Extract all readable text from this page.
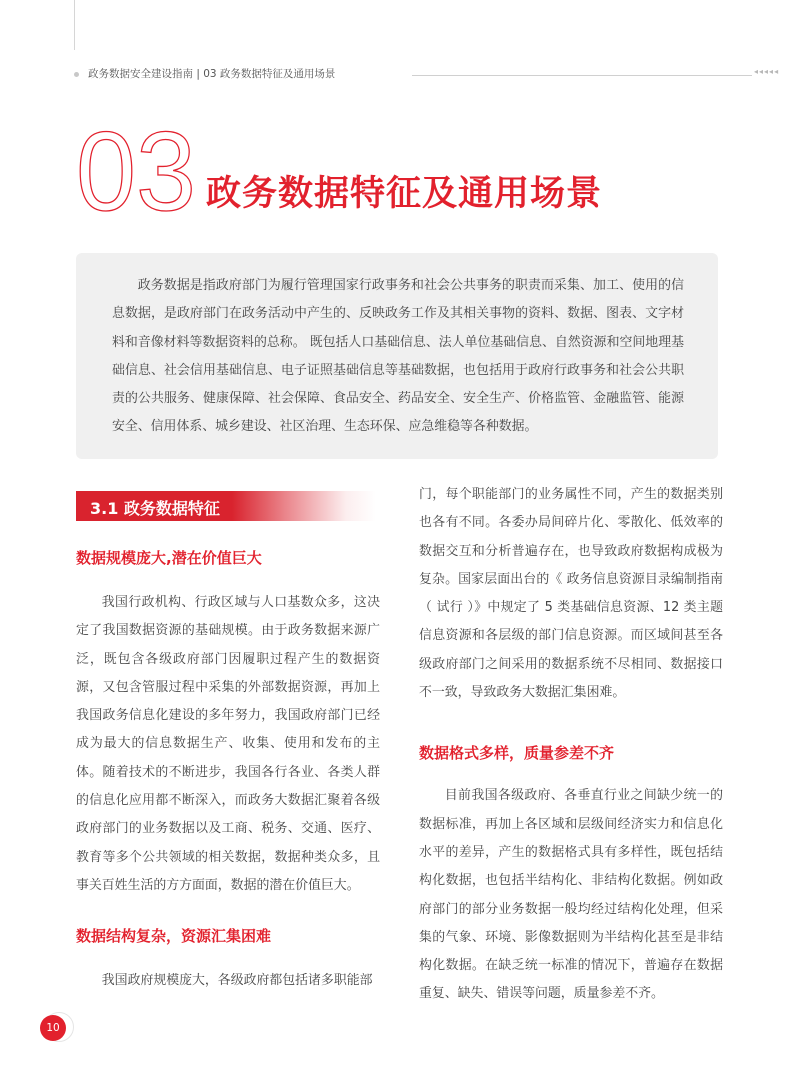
政务数据安全建设指南 | 03 政务数据特征及通用场景	◂◂◂◂◂
03 政务数据特征及通用场景

政务数据是指政府部门为履行管理国家行政事务和社会公共事务的职责而采集、加工、使用的信息数据，是政府部门在政务活动中产生的、反映政务工作及其相关事物的资料、数据、图表、文字材料和音像材料等数据资料的总称。 既包括人口基础信息、法人单位基础信息、自然资源和空间地理基础信息、社会信用基础信息、电子证照基础信息等基础数据，也包括用于政府行政事务和社会公共职责的公共服务、健康保障、社会保障、食品安全、药品安全、安全生产、价格监管、金融监管、能源安全、信用体系、城乡建设、社区治理、生态环保、应急维稳等各种数据。

3.1 政务数据特征
数据规模庞大,潜在价值巨大

我国行政机构、行政区域与人口基数众多，这决定了我国数据资源的基础规模。由于政务数据来源广泛，既包含各级政府部门因履职过程产生的数据资源，又包含管服过程中采集的外部数据资源，再加上我国政务信息化建设的多年努力，我国政府部门已经成为最大的信息数据生产、收集、使用和发布的主体。随着技术的不断进步，我国各行各业、各类人群的信息化应用都不断深入，而政务大数据汇聚着各级政府部门的业务数据以及工商、税务、交通、医疗、教育等多个公共领域的相关数据，数据种类众多，且事关百姓生活的方方面面，数据的潜在价值巨大。

数据结构复杂，资源汇集困难

我国政府规模庞大，各级政府都包括诸多职能部

门，每个职能部门的业务属性不同，产生的数据类别也各有不同。各委办局间碎片化、零散化、低效率的数据交互和分析普遍存在，也导致政府数据构成极为复杂。国家层面出台的《 政务信息资源目录编制指南（ 试行 ）》中规定了 5 类基础信息资源、12 类主题信息资源和各层级的部门信息资源。而区域间甚至各级政府部门之间采用的数据系统不尽相同、数据接口不一致，导致政务大数据汇集困难。

数据格式多样，质量参差不齐

目前我国各级政府、各垂直行业之间缺少统一的数据标准，再加上各区域和层级间经济实力和信息化水平的差异，产生的数据格式具有多样性，既包括结构化数据，也包括半结构化、非结构化数据。例如政府部门的部分业务数据一般均经过结构化处理，但采集的气象、环境、影像数据则为半结构化甚至是非结构化数据。在缺乏统一标准的情况下，普遍存在数据重复、缺失、错误等问题，质量参差不齐。

10
